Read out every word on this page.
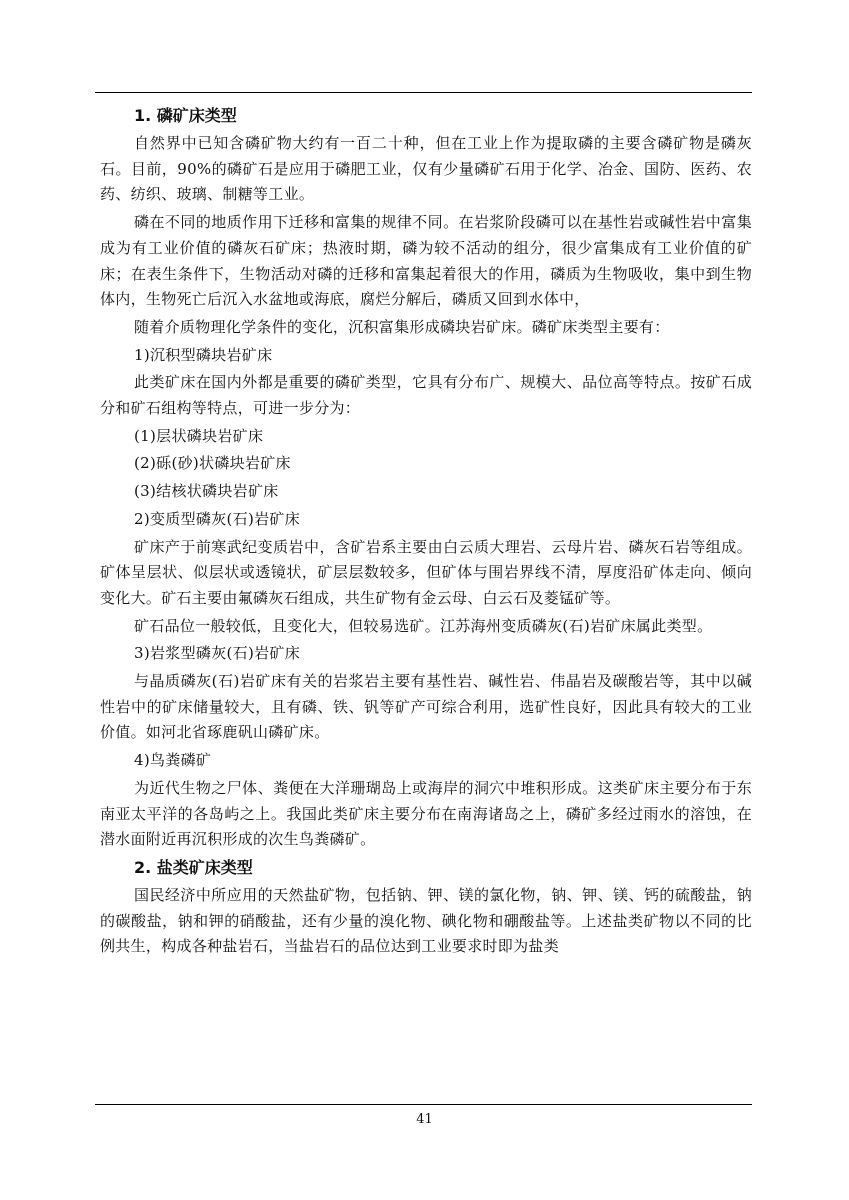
1. 磷矿床类型

自然界中已知含磷矿物大约有一百二十种，但在工业上作为提取磷的主要含磷矿物是磷灰石。目前，90%的磷矿石是应用于磷肥工业，仅有少量磷矿石用于化学、冶金、国防、医药、农药、纺织、玻璃、制糖等工业。

磷在不同的地质作用下迁移和富集的规律不同。在岩浆阶段磷可以在基性岩或碱性岩中富集成为有工业价值的磷灰石矿床；热液时期，磷为较不活动的组分，很少富集成有工业价值的矿床；在表生条件下，生物活动对磷的迁移和富集起着很大的作用，磷质为生物吸收，集中到生物体内，生物死亡后沉入水盆地或海底，腐烂分解后，磷质又回到水体中，

随着介质物理化学条件的变化，沉积富集形成磷块岩矿床。磷矿床类型主要有：

1)沉积型磷块岩矿床

此类矿床在国内外都是重要的磷矿类型，它具有分布广、规模大、品位高等特点。按矿石成分和矿石组构等特点，可进一步分为：

(1)层状磷块岩矿床
(2)砾(砂)状磷块岩矿床
(3)结核状磷块岩矿床
2)变质型磷灰(石)岩矿床

矿床产于前寒武纪变质岩中，含矿岩系主要由白云质大理岩、云母片岩、磷灰石岩等组成。矿体呈层状、似层状或透镜状，矿层层数较多，但矿体与围岩界线不清，厚度沿矿体走向、倾向变化大。矿石主要由氟磷灰石组成，共生矿物有金云母、白云石及菱锰矿等。

矿石品位一般较低，且变化大，但较易选矿。江苏海州变质磷灰(石)岩矿床属此类型。

3)岩浆型磷灰(石)岩矿床

与晶质磷灰(石)岩矿床有关的岩浆岩主要有基性岩、碱性岩、伟晶岩及碳酸岩等，其中以碱性岩中的矿床储量较大，且有磷、铁、钒等矿产可综合利用，选矿性良好，因此具有较大的工业价值。如河北省琢鹿矾山磷矿床。

4)鸟粪磷矿

为近代生物之尸体、粪便在大洋珊瑚岛上或海岸的洞穴中堆积形成。这类矿床主要分布于东南亚太平洋的各岛屿之上。我国此类矿床主要分布在南海诸岛之上，磷矿多经过雨水的溶蚀，在潜水面附近再沉积形成的次生鸟粪磷矿。

2. 盐类矿床类型

国民经济中所应用的天然盐矿物，包括钠、钾、镁的氯化物，钠、钾、镁、钙的硫酸盐，钠的碳酸盐，钠和钾的硝酸盐，还有少量的溴化物、碘化物和硼酸盐等。上述盐类矿物以不同的比例共生，构成各种盐岩石，当盐岩石的品位达到工业要求时即为盐类

41
